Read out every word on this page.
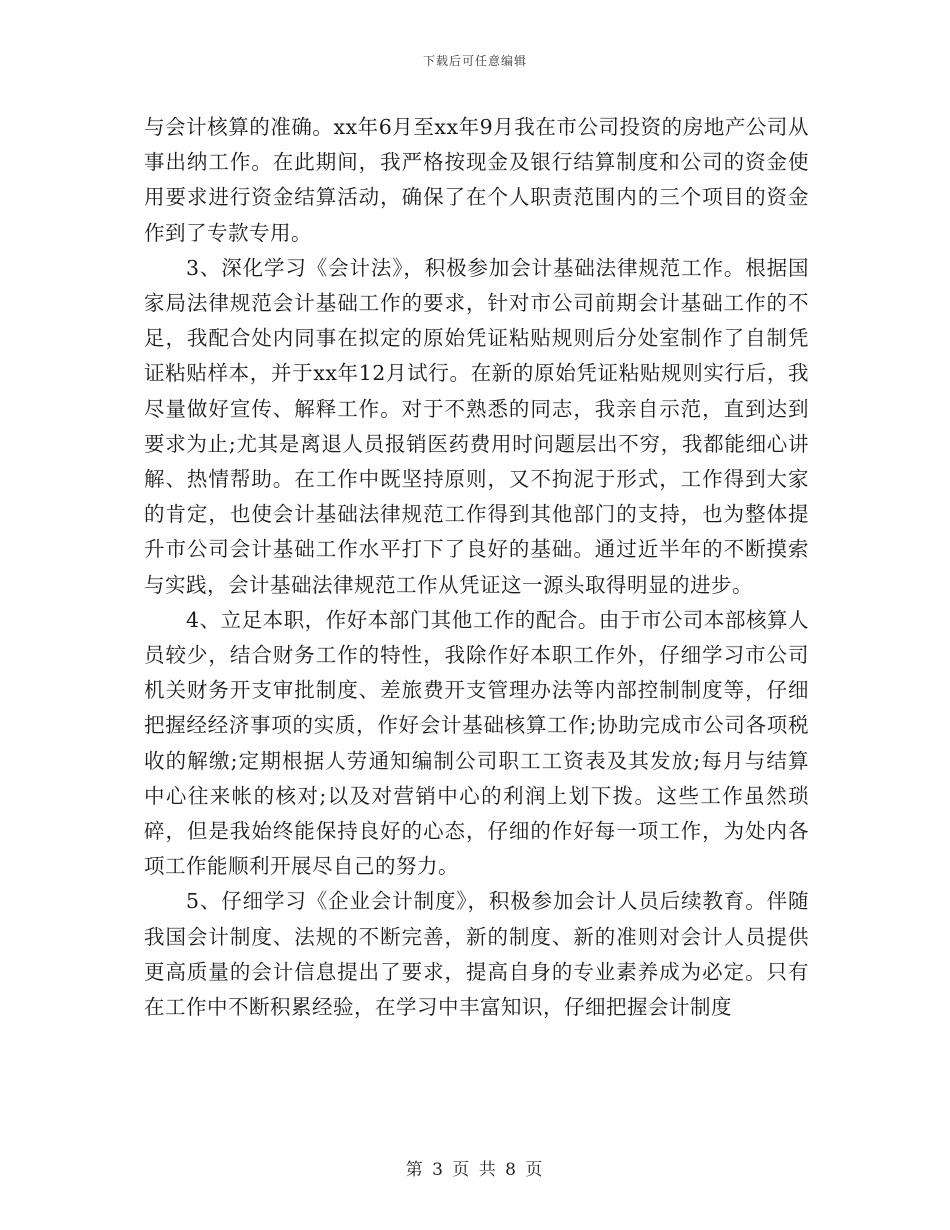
下载后可任意编辑

与会计核算的准确。xx年6月至xx年9月我在市公司投资的房地产公司从事出纳工作。在此期间，我严格按现金及银行结算制度和公司的资金使用要求进行资金结算活动，确保了在个人职责范围内的三个项目的资金作到了专款专用。

3、深化学习《会计法》，积极参加会计基础法律规范工作。根据国家局法律规范会计基础工作的要求，针对市公司前期会计基础工作的不足，我配合处内同事在拟定的原始凭证粘贴规则后分处室制作了自制凭证粘贴样本，并于xx年12月试行。在新的原始凭证粘贴规则实行后，我尽量做好宣传、解释工作。对于不熟悉的同志，我亲自示范，直到达到要求为止;尤其是离退人员报销医药费用时问题层出不穷，我都能细心讲解、热情帮助。在工作中既坚持原则，又不拘泥于形式，工作得到大家的肯定，也使会计基础法律规范工作得到其他部门的支持，也为整体提升市公司会计基础工作水平打下了良好的基础。通过近半年的不断摸索与实践，会计基础法律规范工作从凭证这一源头取得明显的进步。

4、立足本职，作好本部门其他工作的配合。由于市公司本部核算人员较少，结合财务工作的特性，我除作好本职工作外，仔细学习市公司机关财务开支审批制度、差旅费开支管理办法等内部控制制度等，仔细把握经经济事项的实质，作好会计基础核算工作;协助完成市公司各项税收的解缴;定期根据人劳通知编制公司职工工资表及其发放;每月与结算中心往来帐的核对;以及对营销中心的利润上划下拨。这些工作虽然琐碎，但是我始终能保持良好的心态，仔细的作好每一项工作，为处内各项工作能顺利开展尽自己的努力。

5、仔细学习《企业会计制度》，积极参加会计人员后续教育。伴随我国会计制度、法规的不断完善，新的制度、新的准则对会计人员提供更高质量的会计信息提出了要求，提高自身的专业素养成为必定。只有在工作中不断积累经验，在学习中丰富知识，仔细把握会计制度

第 3 页 共 8 页
